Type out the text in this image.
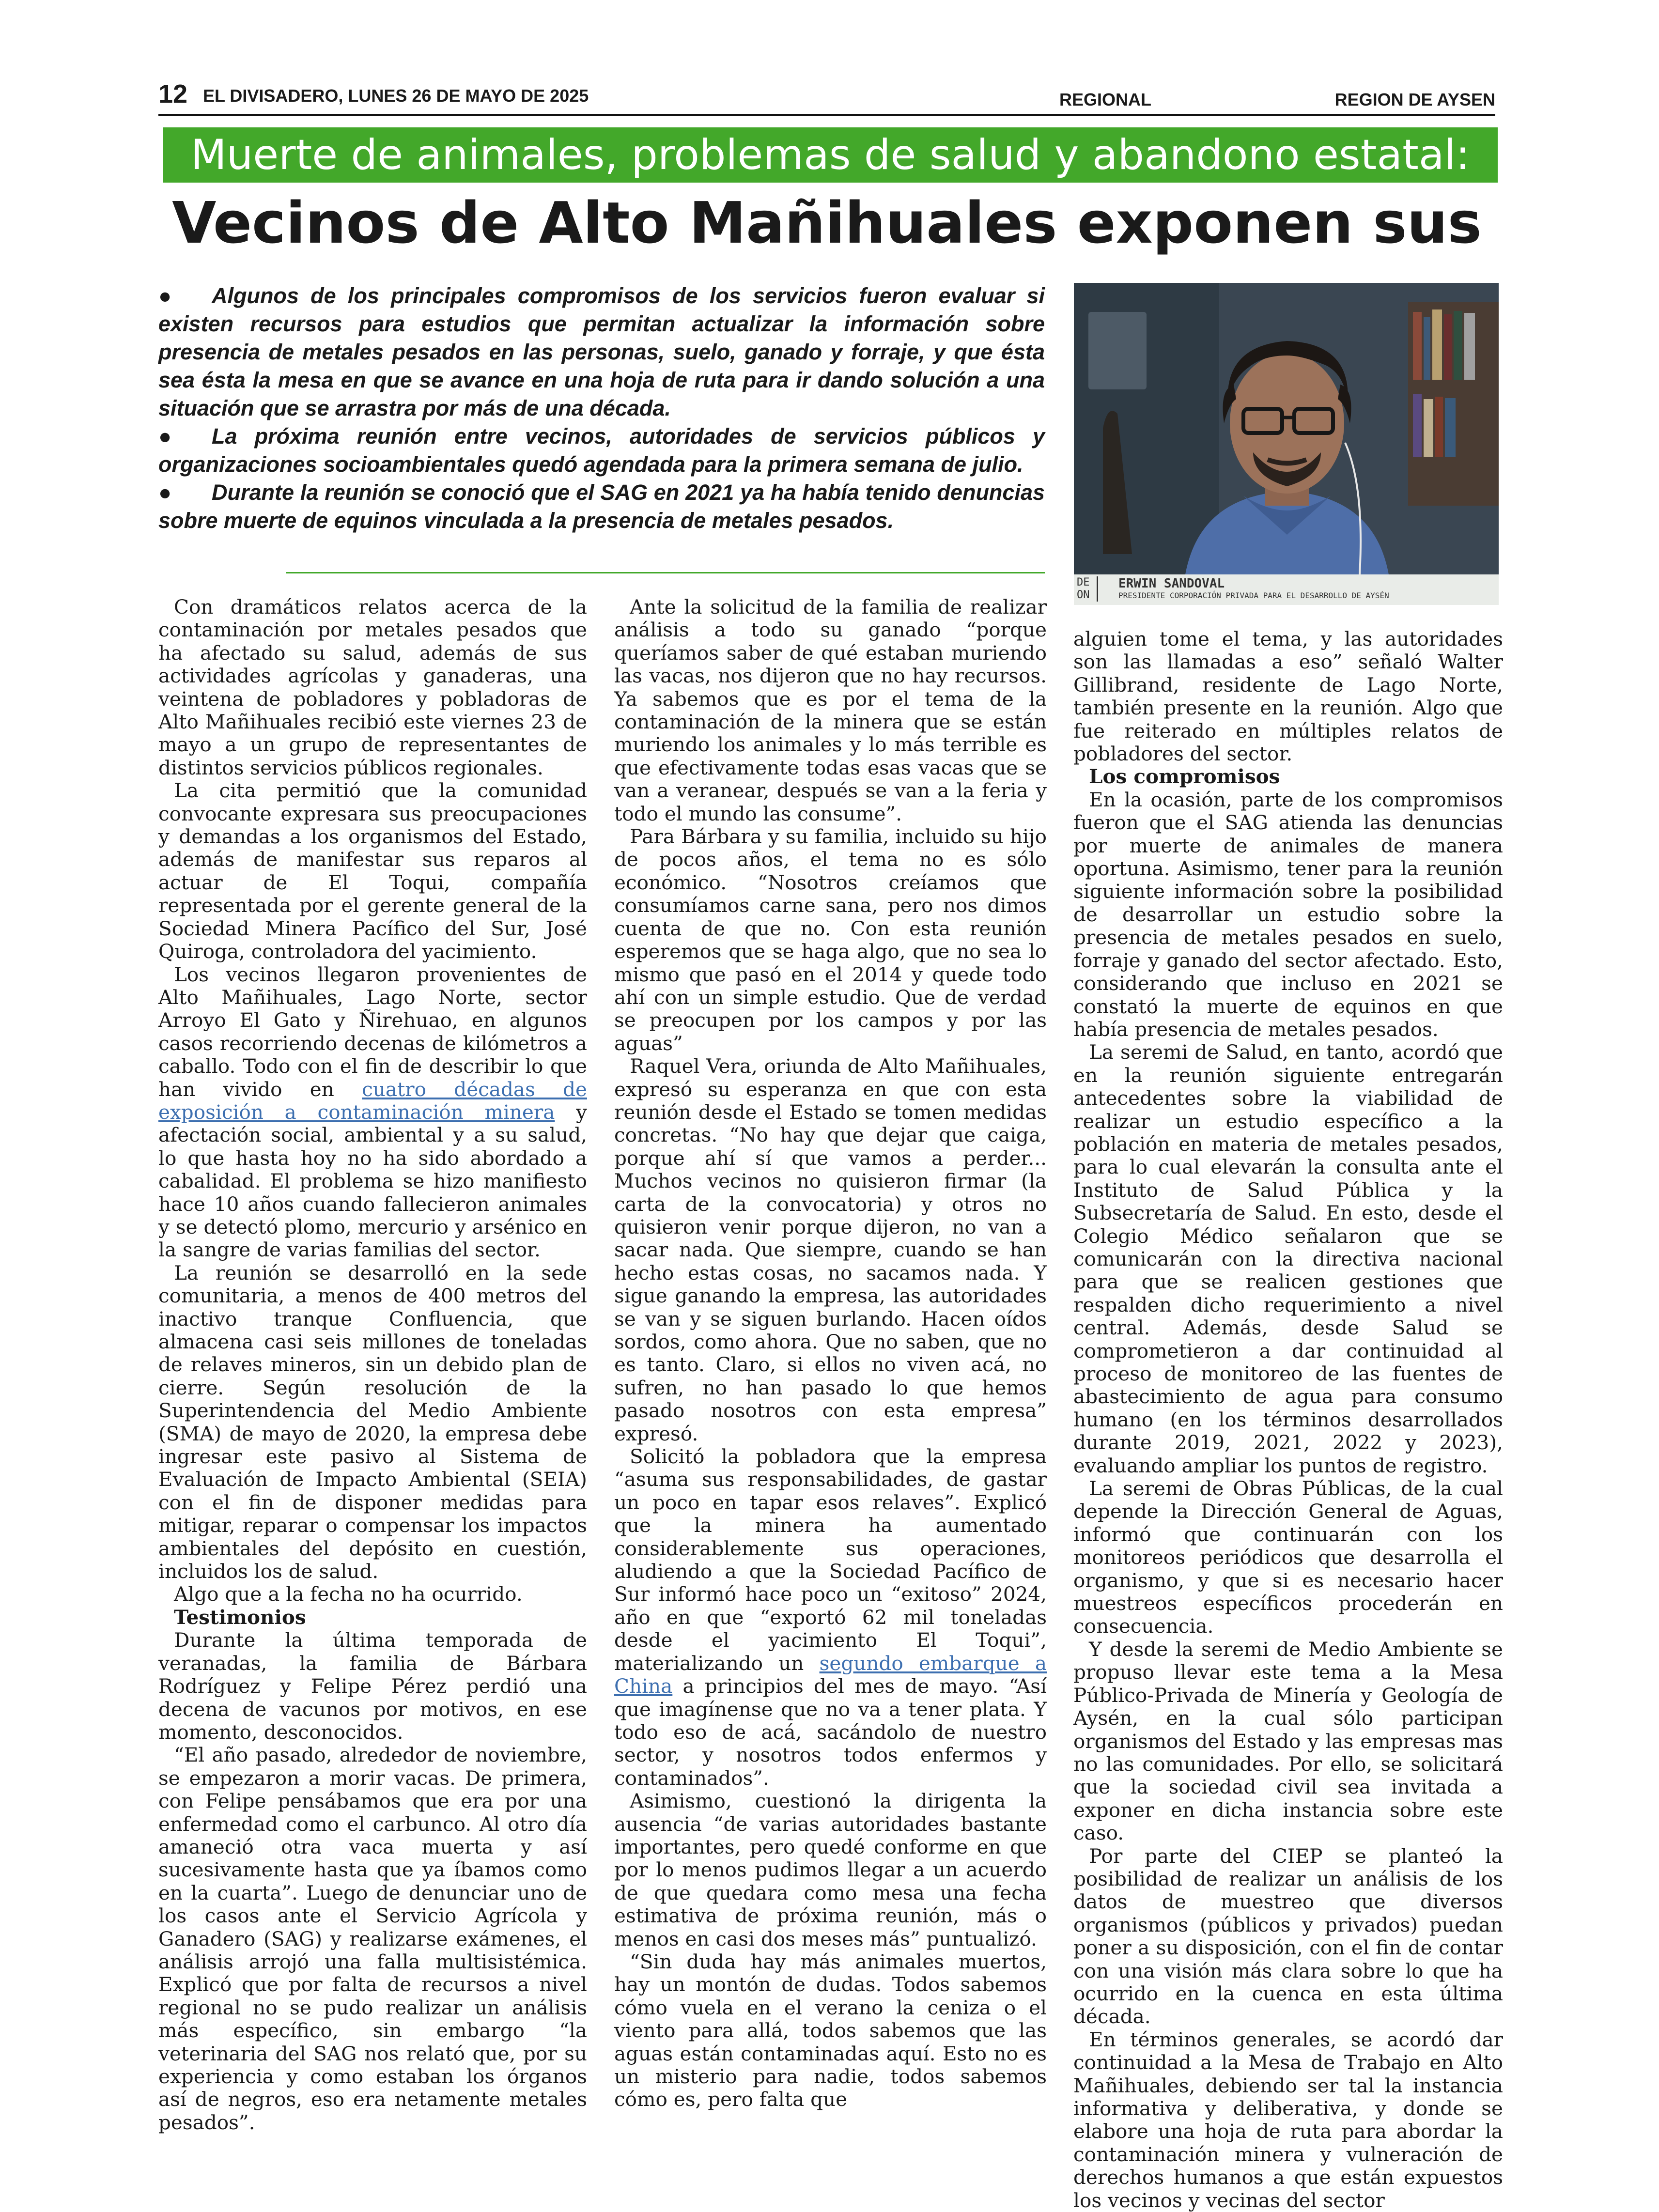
12 EL DIVISADERO, LUNES 26 DE MAYO DE 2025	REGIONAL	REGION DE AYSEN
Muerte de animales, problemas de salud y abandono estatal:
Vecinos de Alto Mañihuales exponen sus

● Algunos de los principales compromisos de los servicios fueron evaluar si existen recursos para estudios que permitan actualizar la información sobre presencia de metales pesados en las personas, suelo, ganado y forraje, y que ésta sea ésta la mesa en que se avance en una hoja de ruta para ir dando solución a una situación que se arrastra por más de una década.

● La próxima reunión entre vecinos, autoridades de servicios públicos y organizaciones socioambientales quedó agendada para la primera semana de julio.

● Durante la reunión se conoció que el SAG en 2021 ya ha había tenido denuncias sobre muerte de equinos vinculada a la presencia de metales pesados.

ERWIN SANDOVAL
PRESIDENTE CORPORACIÓN PRIVADA PARA EL DESARROLLO DE AYSÉN
DE
ON

Con dramáticos relatos acerca de la contaminación por metales pesados que ha afectado su salud, además de sus actividades agrícolas y ganaderas, una veintena de pobladores y pobladoras de Alto Mañihuales recibió este viernes 23 de mayo a un grupo de representantes de distintos servicios públicos regionales.

La cita permitió que la comunidad convocante expresara sus preocupaciones y demandas a los organismos del Estado, además de manifestar sus reparos al actuar de El Toqui, compañía representada por el gerente general de la Sociedad Minera Pacífico del Sur, José Quiroga, controladora del yacimiento.

Los vecinos llegaron provenientes de Alto Mañihuales, Lago Norte, sector Arroyo El Gato y Ñirehuao, en algunos casos recorriendo decenas de kilómetros a caballo. Todo con el fin de describir lo que han vivido en cuatro décadas de exposición a contaminación minera y afectación social, ambiental y a su salud, lo que hasta hoy no ha sido abordado a cabalidad. El problema se hizo manifiesto hace 10 años cuando fallecieron animales y se detectó plomo, mercurio y arsénico en la sangre de varias familias del sector.

La reunión se desarrolló en la sede comunitaria, a menos de 400 metros del inactivo tranque Confluencia, que almacena casi seis millones de toneladas de relaves mineros, sin un debido plan de cierre. Según resolución de la Superintendencia del Medio Ambiente (SMA) de mayo de 2020, la empresa debe ingresar este pasivo al Sistema de Evaluación de Impacto Ambiental (SEIA) con el fin de disponer medidas para mitigar, reparar o compensar los impactos ambientales del depósito en cuestión, incluidos los de salud.

Algo que a la fecha no ha ocurrido.

Testimonios

Durante la última temporada de veranadas, la familia de Bárbara Rodríguez y Felipe Pérez perdió una decena de vacunos por motivos, en ese momento, desconocidos.

“El año pasado, alrededor de noviembre, se empezaron a morir vacas. De primera, con Felipe pensábamos que era por una enfermedad como el carbunco. Al otro día amaneció otra vaca muerta y así sucesivamente hasta que ya íbamos como en la cuarta”. Luego de denunciar uno de los casos ante el Servicio Agrícola y Ganadero (SAG) y realizarse exámenes, el análisis arrojó una falla multisistémica. Explicó que por falta de recursos a nivel regional no se pudo realizar un análisis más específico, sin embargo “la veterinaria del SAG nos relató que, por su experiencia y como estaban los órganos así de negros, eso era netamente metales pesados”.

Ante la solicitud de la familia de realizar análisis a todo su ganado “porque queríamos saber de qué estaban muriendo las vacas, nos dijeron que no hay recursos. Ya sabemos que es por el tema de la contaminación de la minera que se están muriendo los animales y lo más terrible es que efectivamente todas esas vacas que se van a veranear, después se van a la feria y todo el mundo las consume”.

Para Bárbara y su familia, incluido su hijo de pocos años, el tema no es sólo económico. “Nosotros creíamos que consumíamos carne sana, pero nos dimos cuenta de que no. Con esta reunión esperemos que se haga algo, que no sea lo mismo que pasó en el 2014 y quede todo ahí con un simple estudio. Que de verdad se preocupen por los campos y por las aguas”

Raquel Vera, oriunda de Alto Mañihuales, expresó su esperanza en que con esta reunión desde el Estado se tomen medidas concretas. “No hay que dejar que caiga, porque ahí sí que vamos a perder... Muchos vecinos no quisieron firmar (la carta de la convocatoria) y otros no quisieron venir porque dijeron, no van a sacar nada. Que siempre, cuando se han hecho estas cosas, no sacamos nada. Y sigue ganando la empresa, las autoridades se van y se siguen burlando. Hacen oídos sordos, como ahora. Que no saben, que no es tanto. Claro, si ellos no viven acá, no sufren, no han pasado lo que hemos pasado nosotros con esta empresa” expresó.

Solicitó la pobladora que la empresa “asuma sus responsabilidades, de gastar un poco en tapar esos relaves”. Explicó que la minera ha aumentado considerablemente sus operaciones, aludiendo a que la Sociedad Pacífico de Sur informó hace poco un “exitoso” 2024, año en que “exportó 62 mil toneladas desde el yacimiento El Toqui”, materializando un segundo embarque a China a principios del mes de mayo. “Así que imagínense que no va a tener plata. Y todo eso de acá, sacándolo de nuestro sector, y nosotros todos enfermos y contaminados”.

Asimismo, cuestionó la dirigenta la ausencia “de varias autoridades bastante importantes, pero quedé conforme en que por lo menos pudimos llegar a un acuerdo de que quedara como mesa una fecha estimativa de próxima reunión, más o menos en casi dos meses más” puntualizó.

“Sin duda hay más animales muertos, hay un montón de dudas. Todos sabemos cómo vuela en el verano la ceniza o el viento para allá, todos sabemos que las aguas están contaminadas aquí. Esto no es un misterio para nadie, todos sabemos cómo es, pero falta que

alguien tome el tema, y las autoridades son las llamadas a eso” señaló Walter Gillibrand, residente de Lago Norte, también presente en la reunión. Algo que fue reiterado en múltiples relatos de pobladores del sector.

Los compromisos

En la ocasión, parte de los compromisos fueron que el SAG atienda las denuncias por muerte de animales de manera oportuna. Asimismo, tener para la reunión siguiente información sobre la posibilidad de desarrollar un estudio sobre la presencia de metales pesados en suelo, forraje y ganado del sector afectado. Esto, considerando que incluso en 2021 se constató la muerte de equinos en que había presencia de metales pesados.

La seremi de Salud, en tanto, acordó que en la reunión siguiente entregarán antecedentes sobre la viabilidad de realizar un estudio específico a la población en materia de metales pesados, para lo cual elevarán la consulta ante el Instituto de Salud Pública y la Subsecretaría de Salud. En esto, desde el Colegio Médico señalaron que se comunicarán con la directiva nacional para que se realicen gestiones que respalden dicho requerimiento a nivel central. Además, desde Salud se comprometieron a dar continuidad al proceso de monitoreo de las fuentes de abastecimiento de agua para consumo humano (en los términos desarrollados durante 2019, 2021, 2022 y 2023), evaluando ampliar los puntos de registro.

La seremi de Obras Públicas, de la cual depende la Dirección General de Aguas, informó que continuarán con los monitoreos periódicos que desarrolla el organismo, y que si es necesario hacer muestreos específicos procederán en consecuencia.

Y desde la seremi de Medio Ambiente se propuso llevar este tema a la Mesa Público-Privada de Minería y Geología de Aysén, en la cual sólo participan organismos del Estado y las empresas mas no las comunidades. Por ello, se solicitará que la sociedad civil sea invitada a exponer en dicha instancia sobre este caso.

Por parte del CIEP se planteó la posibilidad de realizar un análisis de los datos de muestreo que diversos organismos (públicos y privados) puedan poner a su disposición, con el fin de contar con una visión más clara sobre lo que ha ocurrido en la cuenca en esta última década.

En términos generales, se acordó dar continuidad a la Mesa de Trabajo en Alto Mañihuales, debiendo ser tal la instancia informativa y deliberativa, y donde se elabore una hoja de ruta para abordar la contaminación minera y vulneración de derechos humanos a que están expuestos los vecinos y vecinas del sector
